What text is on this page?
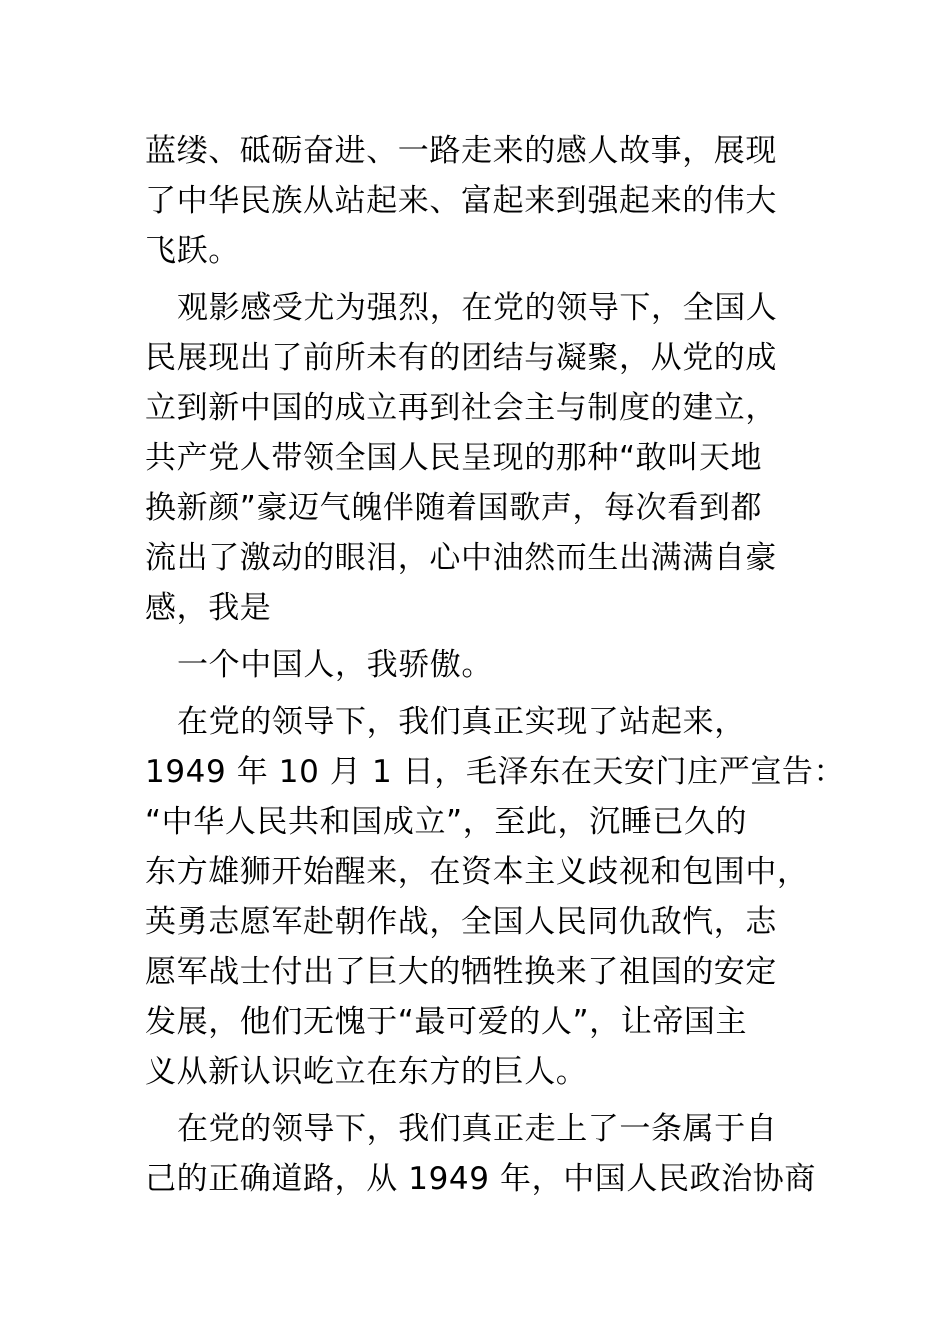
蓝缕、砥砺奋进、一路走来的感人故事，展现
了中华民族从站起来、富起来到强起来的伟大
飞跃。
观影感受尤为强烈，在党的领导下，全国人
民展现出了前所未有的团结与凝聚，从党的成
立到新中国的成立再到社会主与制度的建立，
共产党人带领全国人民呈现的那种“敢叫天地
换新颜”豪迈气魄伴随着国歌声，每次看到都
流出了激动的眼泪，心中油然而生出满满自豪
感，我是
一个中国人，我骄傲。
在党的领导下，我们真正实现了站起来，
1949 年 10 月 1 日，毛泽东在天安门庄严宣告：
“中华人民共和国成立”，至此，沉睡已久的
东方雄狮开始醒来，在资本主义歧视和包围中，
英勇志愿军赴朝作战，全国人民同仇敌忾，志
愿军战士付出了巨大的牺牲换来了祖国的安定
发展，他们无愧于“最可爱的人”，让帝国主
义从新认识屹立在东方的巨人。
在党的领导下，我们真正走上了一条属于自
己的正确道路，从 1949 年，中国人民政治协商
